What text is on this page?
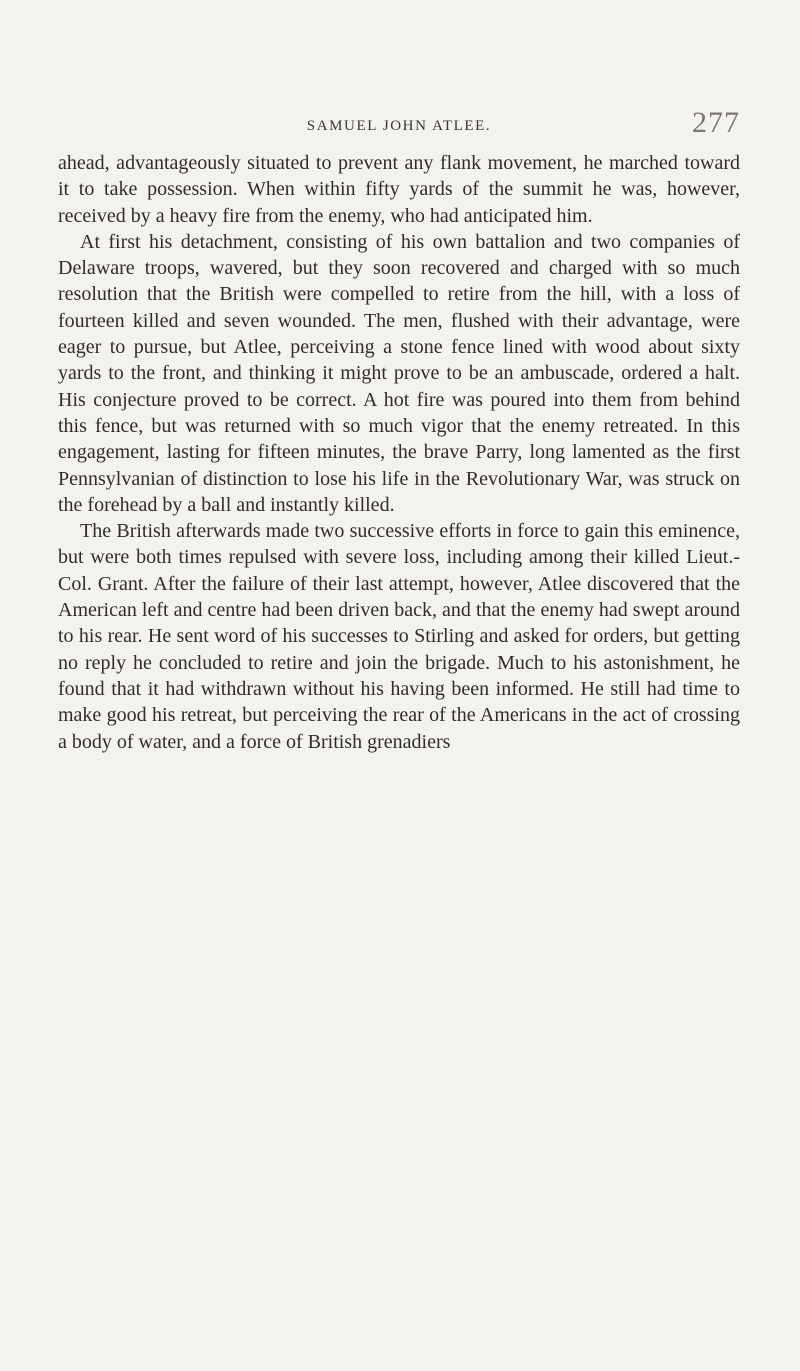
SAMUEL JOHN ATLEE.	277

ahead, advantageously situated to prevent any flank movement, he marched toward it to take possession. When within fifty yards of the summit he was, however, received by a heavy fire from the enemy, who had anticipated him.

At first his detachment, consisting of his own battalion and two companies of Delaware troops, wavered, but they soon recovered and charged with so much resolution that the British were compelled to retire from the hill, with a loss of fourteen killed and seven wounded. The men, flushed with their advantage, were eager to pursue, but Atlee, perceiving a stone fence lined with wood about sixty yards to the front, and thinking it might prove to be an ambuscade, ordered a halt. His conjecture proved to be correct. A hot fire was poured into them from behind this fence, but was returned with so much vigor that the enemy retreated. In this engagement, lasting for fifteen minutes, the brave Parry, long lamented as the first Pennsylvanian of distinction to lose his life in the Revolutionary War, was struck on the forehead by a ball and instantly killed.

The British afterwards made two successive efforts in force to gain this eminence, but were both times repulsed with severe loss, including among their killed Lieut.-Col. Grant. After the failure of their last attempt, however, Atlee discovered that the American left and centre had been driven back, and that the enemy had swept around to his rear. He sent word of his successes to Stirling and asked for orders, but getting no reply he concluded to retire and join the brigade. Much to his astonishment, he found that it had withdrawn without his having been informed. He still had time to make good his retreat, but perceiving the rear of the Americans in the act of crossing a body of water, and a force of British grenadiers
